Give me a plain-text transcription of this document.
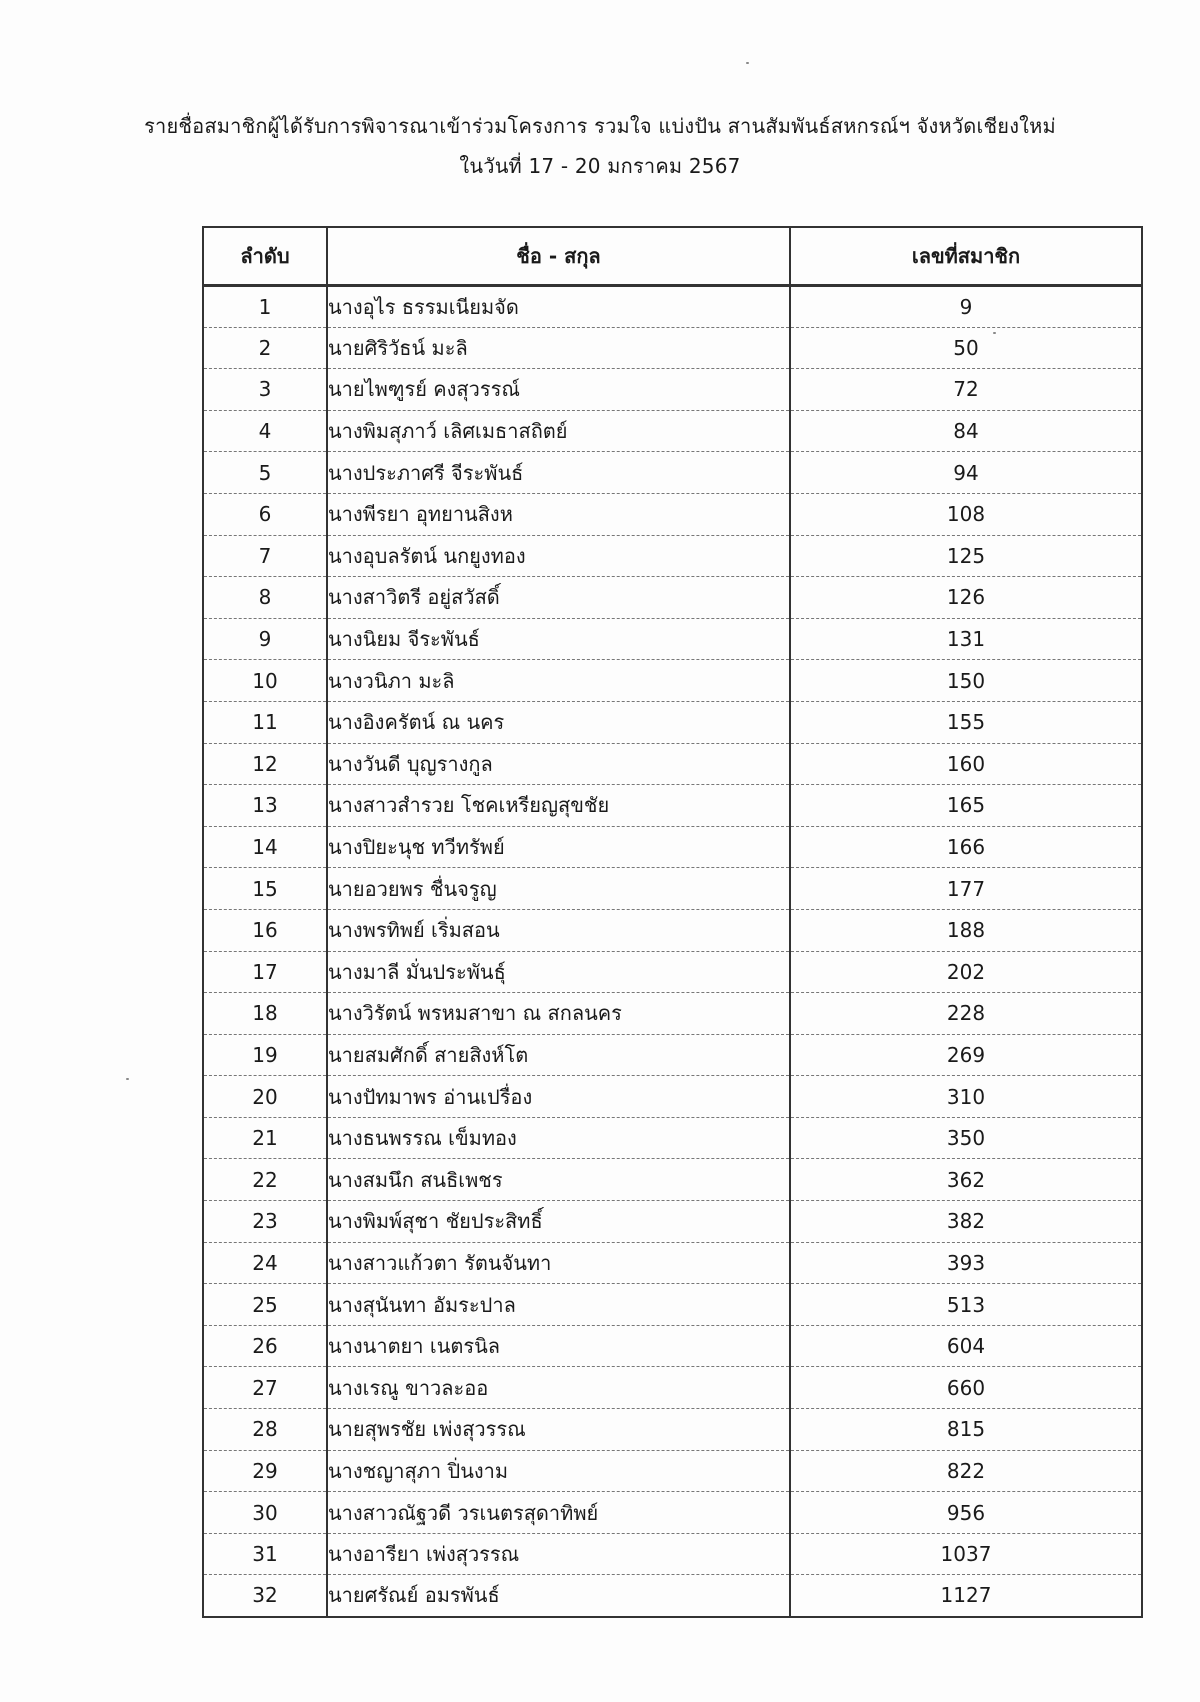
รายชื่อสมาชิกผู้ได้รับการพิจารณาเข้าร่วมโครงการ รวมใจ แบ่งปัน สานสัมพันธ์สหกรณ์ฯ จังหวัดเชียงใหม่
ในวันที่ 17 - 20 มกราคม 2567
ลำดับ	ชื่อ - สกุล	เลขที่สมาชิก
1	นางอุไร ธรรมเนียมจัด	9
2	นายศิริวัธน์ มะลิ	50
3	นายไพฑูรย์ คงสุวรรณ์	72
4	นางพิมสุภาว์ เลิศเมธาสถิตย์	84
5	นางประภาศรี จีระพันธ์	94
6	นางพีรยา อุทยานสิงห	108
7	นางอุบลรัตน์ นกยูงทอง	125
8	นางสาวิตรี อยู่สวัสดิ์	126
9	นางนิยม จีระพันธ์	131
10	นางวนิภา มะลิ	150
11	นางอิงครัตน์ ณ นคร	155
12	นางวันดี บุญรางกูล	160
13	นางสาวสำรวย โชคเหรียญสุขชัย	165
14	นางปิยะนุช ทวีทรัพย์	166
15	นายอวยพร ชื่นจรูญ	177
16	นางพรทิพย์ เริ่มสอน	188
17	นางมาลี มั่นประพันธุ์	202
18	นางวิรัตน์ พรหมสาขา ณ สกลนคร	228
19	นายสมศักดิ์ สายสิงห์โต	269
20	นางปัทมาพร อ่านเปรื่อง	310
21	นางธนพรรณ เข็มทอง	350
22	นางสมนึก สนธิเพชร	362
23	นางพิมพ์สุชา ชัยประสิทธิ์	382
24	นางสาวแก้วตา รัตนจันทา	393
25	นางสุนันทา อัมระปาล	513
26	นางนาตยา เนตรนิล	604
27	นางเรณู ขาวละออ	660
28	นายสุพรชัย เพ่งสุวรรณ	815
29	นางชญาสุภา ปิ่นงาม	822
30	นางสาวณัฐวดี วรเนตรสุดาทิพย์	956
31	นางอารียา เพ่งสุวรรณ	1037
32	นายศรัณย์ อมรพันธ์	1127
